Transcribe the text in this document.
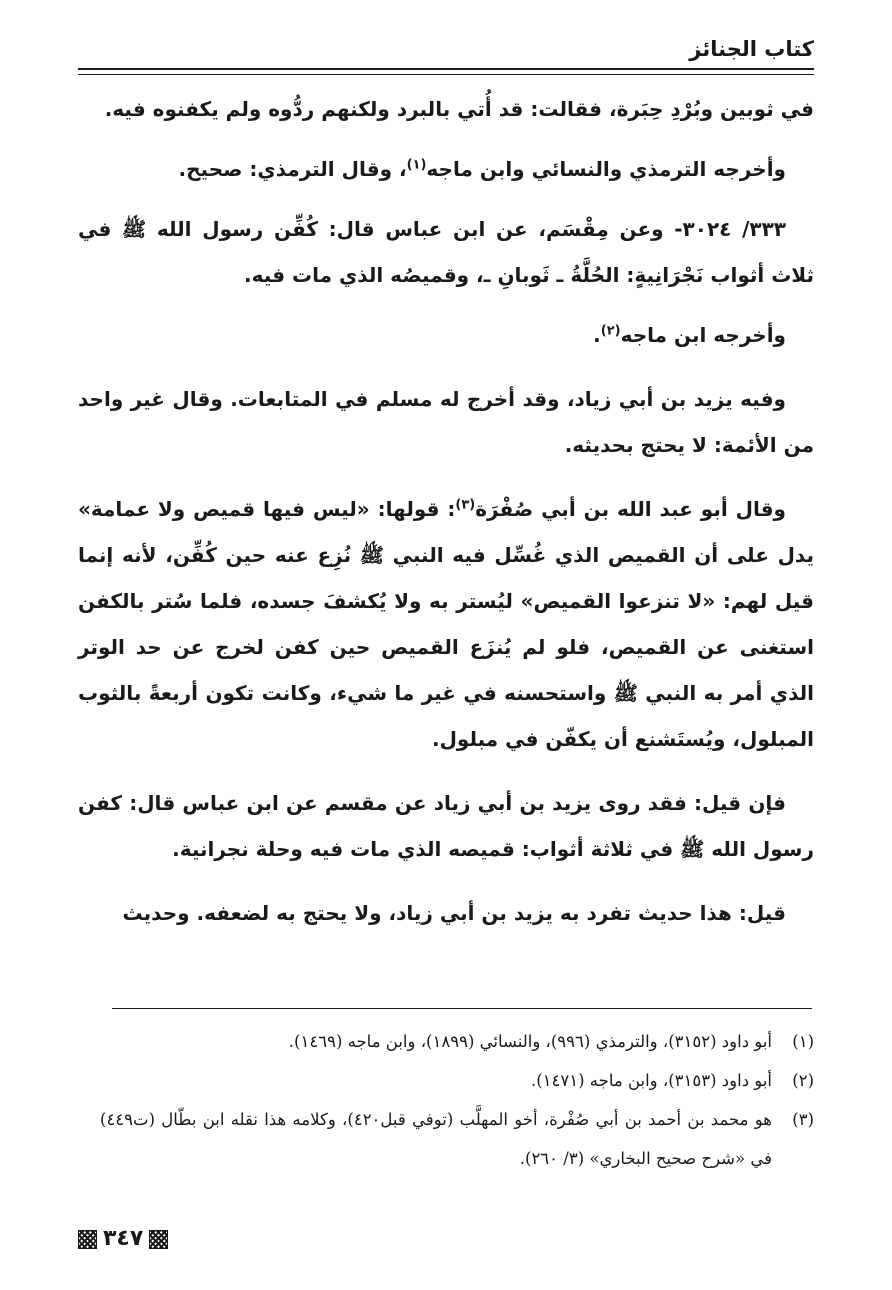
كتاب الجنائز

في ثوبين وبُرْدِ حِبَرة، فقالت: قد أُتي بالبرد ولكنهم ردُّوه ولم يكفنوه فيه.

وأخرجه الترمذي والنسائي وابن ماجه$^{(١)}$، وقال الترمذي: صحيح.

٣٣٣/ ٣٠٢٤- وعن مِقْسَم، عن ابن عباس قال: كُفِّن رسول الله ﷺ في ثلاث أثواب نَجْرَانِيةٍ: الحُلَّةُ ـ ثَوبانِ ـ، وقميصُه الذي مات فيه.

وأخرجه ابن ماجه$^{(٢)}$.

وفيه يزيد بن أبي زياد، وقد أخرج له مسلم في المتابعات. وقال غير واحد من الأئمة: لا يحتج بحديثه.

وقال أبو عبد الله بن أبي صُفْرَة$^{(٣)}$: قولها: «ليس فيها قميص ولا عمامة» يدل على أن القميص الذي غُسِّل فيه النبي ﷺ نُزِع عنه حين كُفِّن، لأنه إنما قيل لهم: «لا تنزعوا القميص» ليُستر به ولا يُكشفَ جسده، فلما سُتر بالكفن استغنى عن القميص، فلو لم يُنزَع القميص حين كفن لخرج عن حد الوتر الذي أمر به النبي ﷺ واستحسنه في غير ما شيء، وكانت تكون أربعةً بالثوب المبلول، ويُستَشنع أن يكفّن في مبلول.

فإن قيل: فقد روى يزيد بن أبي زياد عن مقسم عن ابن عباس قال: كفن رسول الله ﷺ في ثلاثة أثواب: قميصه الذي مات فيه وحلة نجرانية.

قيل: هذا حديث تفرد به يزيد بن أبي زياد، ولا يحتج به لضعفه. وحديث

(١)
أبو داود (٣١٥٢)، والترمذي (٩٩٦)، والنسائي (١٨٩٩)، وابن ماجه (١٤٦٩).

(٢)
أبو داود (٣١٥٣)، وابن ماجه (١٤٧١).

(٣)
هو محمد بن أحمد بن أبي صُفْرة، أخو المهلَّب (توفي قبل٤٢٠)، وكلامه هذا نقله ابن بطّال (ت٤٤٩) في «شرح صحيح البخاري» (٣/ ٢٦٠).

٣٤٧
